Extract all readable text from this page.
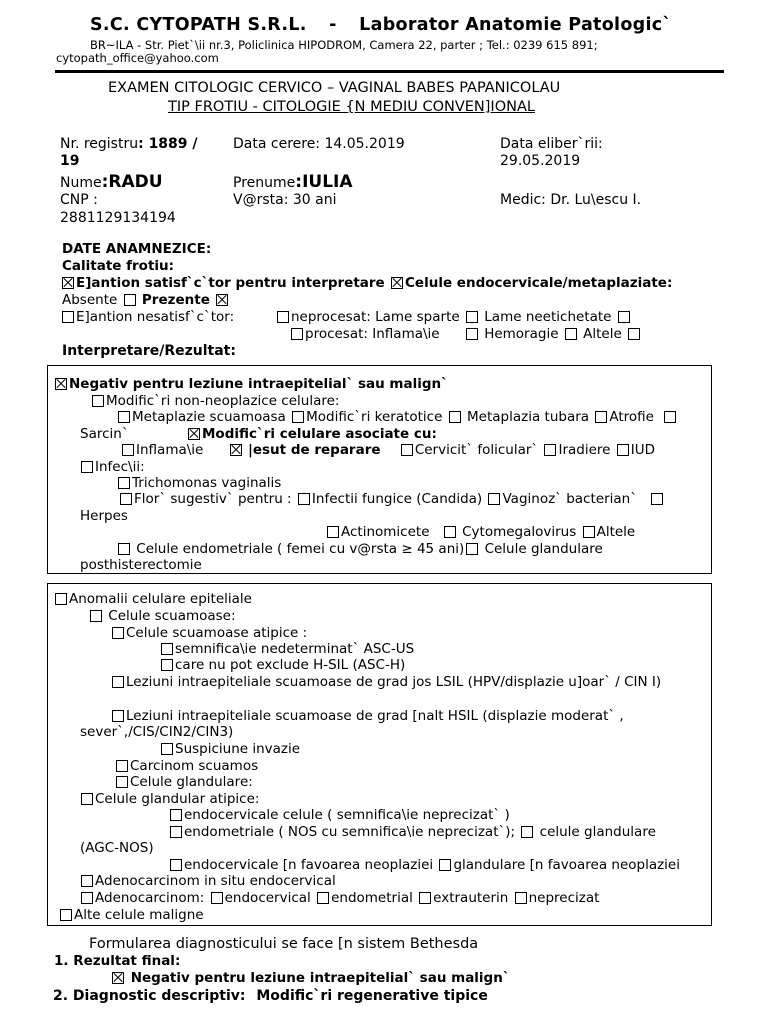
S.C. CYTOPATH S.R.L. - Laborator Anatomie Patologic`
BR~ILA - Str. Piet`\ii nr.3, Policlinica HIPODROM, Camera 22, parter ; Tel.: 0239 615 891;
cytopath_office@yahoo.com
EXAMEN CITOLOGIC CERVICO – VAGINAL BABES PAPANICOLAU
TIP FROTIU - CITOLOGIE {N MEDIU CONVEN]IONAL
Nr. registru: 1889 /
19
Data cerere: 14.05.2019	Data eliber`rii:
29.05.2019
Nume:RADU	Prenume:IULIA
CNP :
2881129134194
V@rsta: 30 ani	Medic: Dr. Lu\escu I.
DATE ANAMNEZICE:
Calitate frotiu:
E]antion satisf`c`tor pentru interpretare Celule endocervicale/metaplaziate:
Absente Prezente
E]antion nesatisf`c`tor:	neprocesat: Lame sparte Lame neetichetate
procesat: Inflama\ie	Hemoragie Altele
Interpretare/Rezultat:
Negativ pentru leziune intraepitelial` sau malign`
Modific`ri non-neoplazice celulare:
Metaplazie scuamoasa Modific`ri keratotice Metaplazia tubara Atrofie
Sarcin`	Modific`ri celulare asociate cu:
Inflama\ie	|esut de reparare	Cervicit` folicular` Iradiere IUD
Infec\ii:
Trichomonas vaginalis
Flor` sugestiv` pentru : Infectii fungice (Candida) Vaginoz` bacterian`
Herpes
Actinomicete Cytomegalovirus Altele
Celule endometriale ( femei cu v@rsta ≥ 45 ani) Celule glandulare
posthisterectomie
Anomalii celulare epiteliale
Celule scuamoase:
Celule scuamoase atipice :
semnifica\ie nedeterminat` ASC-US
care nu pot exclude H-SIL (ASC-H)
Leziuni intraepiteliale scuamoase de grad jos LSIL (HPV/displazie u]oar` / CIN I)
Leziuni intraepiteliale scuamoase de grad [nalt HSIL (displazie moderat` ,
sever`,/CIS/CIN2/CIN3)
Suspiciune invazie
Carcinom scuamos
Celule glandulare:
Celule glandular atipice:
endocervicale celule ( semnifica\ie neprecizat` )
endometriale ( NOS cu semnifica\ie neprecizat`); celule glandulare
(AGC-NOS)
endocervicale [n favoarea neoplaziei glandulare [n favoarea neoplaziei
Adenocarcinom in situ endocervical
Adenocarcinom: endocervical endometrial extrauterin neprecizat
Alte celule maligne
Formularea diagnosticului se face [n sistem Bethesda
1. Rezultat final:
Negativ pentru leziune intraepitelial` sau malign`
2. Diagnostic descriptiv: Modific`ri regenerative tipice
